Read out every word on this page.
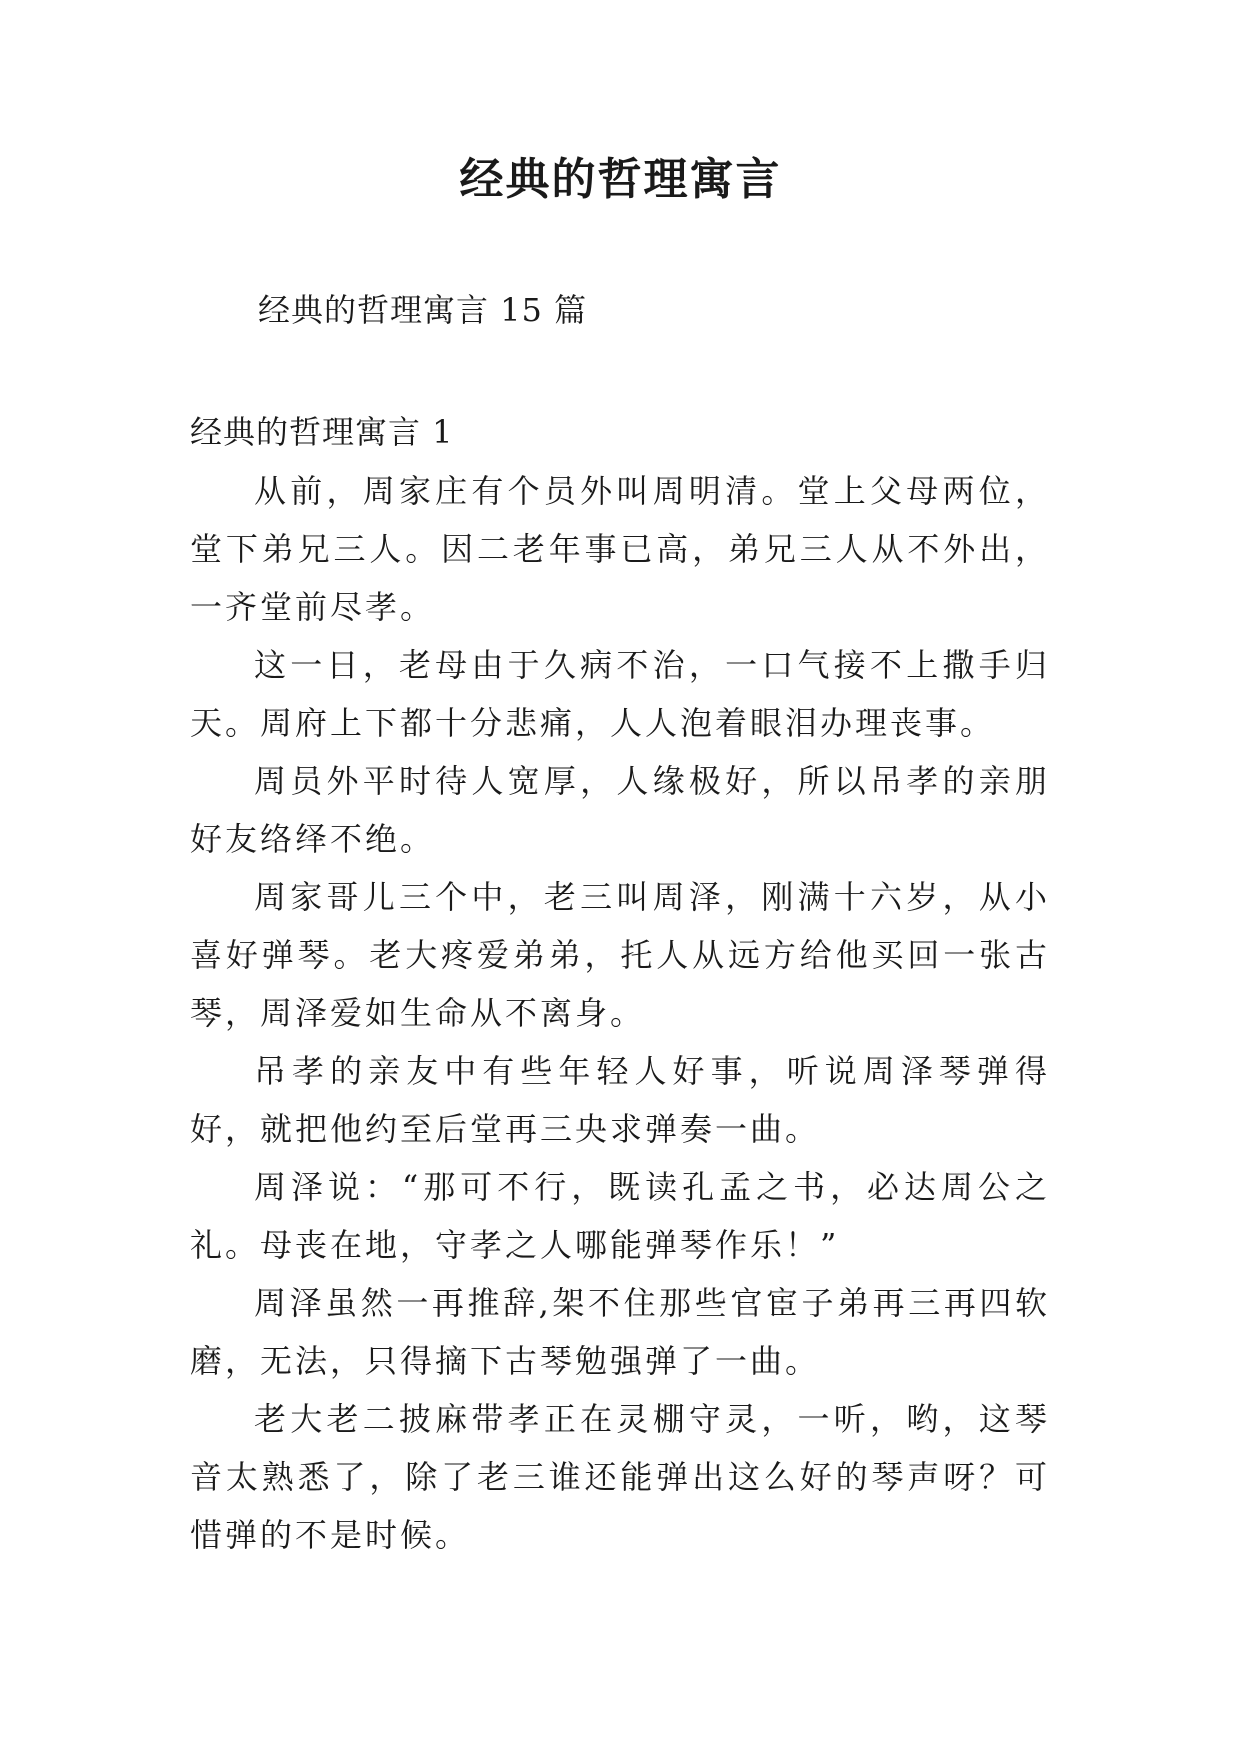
经典的哲理寓言
经典的哲理寓言 15 篇
经典的哲理寓言 1

从前，周家庄有个员外叫周明清。堂上父母两位，堂下弟兄三人。因二老年事已高，弟兄三人从不外出，一齐堂前尽孝。

这一日，老母由于久病不治，一口气接不上撒手归天。周府上下都十分悲痛，人人泡着眼泪办理丧事。

周员外平时待人宽厚，人缘极好，所以吊孝的亲朋好友络绎不绝。

周家哥儿三个中，老三叫周泽，刚满十六岁，从小喜好弹琴。老大疼爱弟弟，托人从远方给他买回一张古琴，周泽爱如生命从不离身。

吊孝的亲友中有些年轻人好事，听说周泽琴弹得好，就把他约至后堂再三央求弹奏一曲。

周泽说：“那可不行，既读孔孟之书，必达周公之礼。母丧在地，守孝之人哪能弹琴作乐！”

周泽虽然一再推辞,架不住那些官宦子弟再三再四软磨，无法，只得摘下古琴勉强弹了一曲。

老大老二披麻带孝正在灵棚守灵，一听，哟，这琴音太熟悉了，除了老三谁还能弹出这么好的琴声呀？可惜弹的不是时候。
